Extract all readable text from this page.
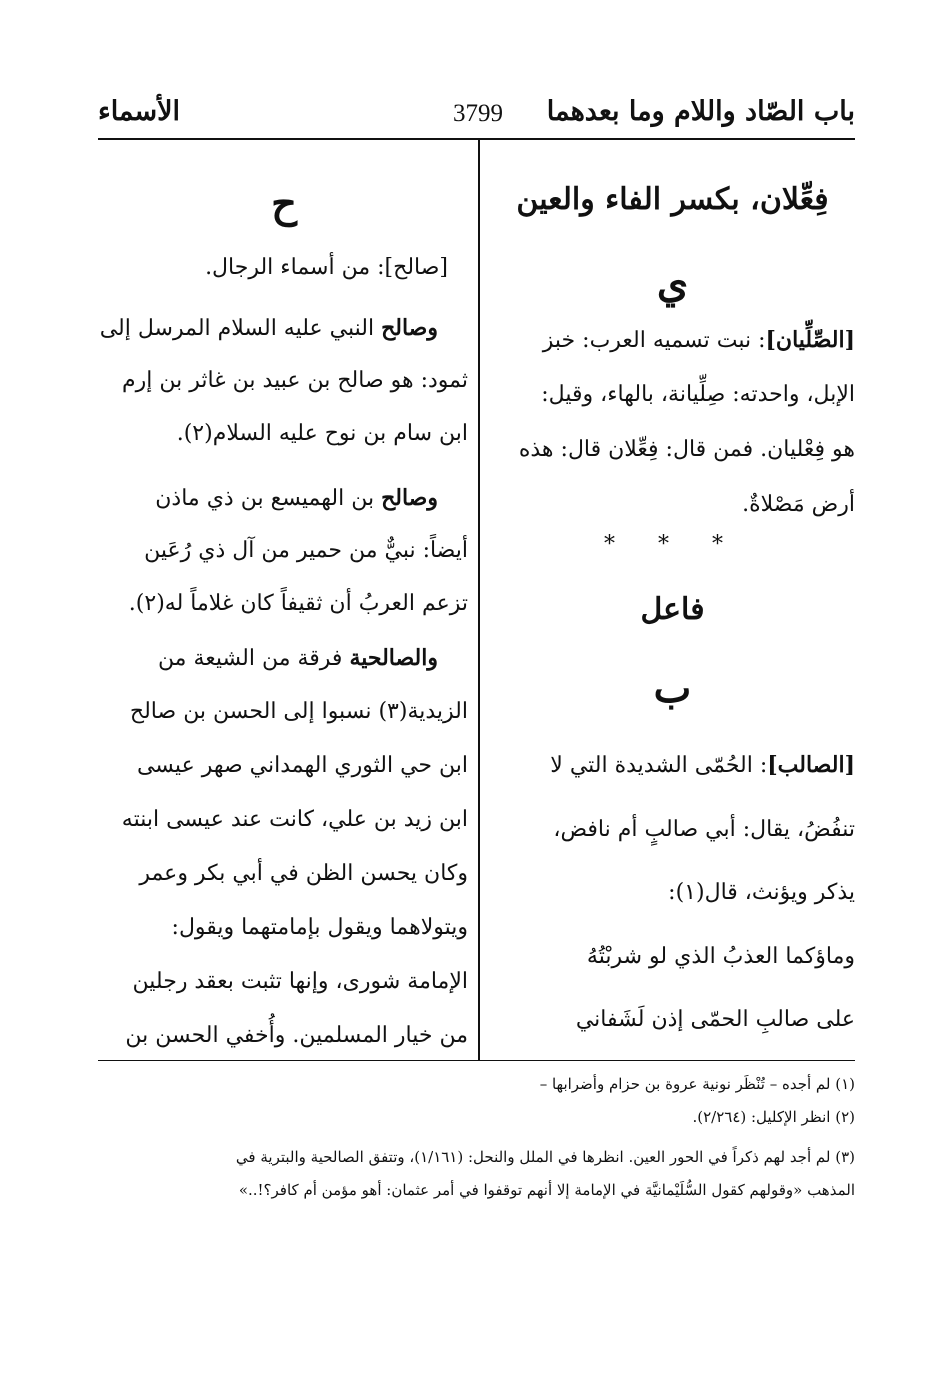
باب الصّاد واللام وما بعدهما
3799
الأسماء
فِعِّلان، بكسر الفاء والعين
ي
[الصِّلِّيان]: نبت تسميه العرب: خبز
الإبل، واحدته: صِلِّيانة، بالهاء، وقيل:
هو فِعْليان. فمن قال: فِعِّلان قال: هذه
أرض مَصْلاةٌ.
* * *
فاعل
ب
[الصالب]: الحُمّى الشديدة التي لا
تنفُضُ، يقال: أبي صالبٍ أم نافض،
يذكر ويؤنث، قال(١):
وماؤكما العذبُ الذي لو شربْتُهُ
على صالبِ الحمّى إذن لَشَفاني
ح
[صالح]: من أسماء الرجال.
وصالح النبي عليه السلام المرسل إلى
ثمود: هو صالح بن عبيد بن غاثر بن إرم
ابن سام بن نوح عليه السلام(٢).
وصالح بن الهميسع بن ذي ماذن
أيضاً: نبيٌّ من حمير من آل ذي رُعَين
تزعم العربُ أن ثقيفاً كان غلاماً له(٢).
والصالحية فرقة من الشيعة من
الزيدية(٣) نسبوا إلى الحسن بن صالح
ابن حي الثوري الهمداني صهر عيسى
ابن زيد بن علي، كانت عند عيسى ابنته
وكان يحسن الظن في أبي بكر وعمر
ويتولاهما ويقول بإمامتهما ويقول:
الإمامة شورى، وإنها تثبت بعقد رجلين
من خيار المسلمين. وأُخفي الحسن بن
(١) لم أجده – تُنْظَر نونية عروة بن حزام وأضرابها –
(٢) انظر الإكليل: (٢/٢٦٤).
(٣) لم أجد لهم ذكراً في الحور العين. انظرها في الملل والنحل: (١/١٦١)، وتتفق الصالحية والبترية في
المذهب «وقولهم كقول السُّلَيْمانيَّة في الإمامة إلا أنهم توقفوا في أمر عثمان: أهو مؤمن أم كافر؟!..»
